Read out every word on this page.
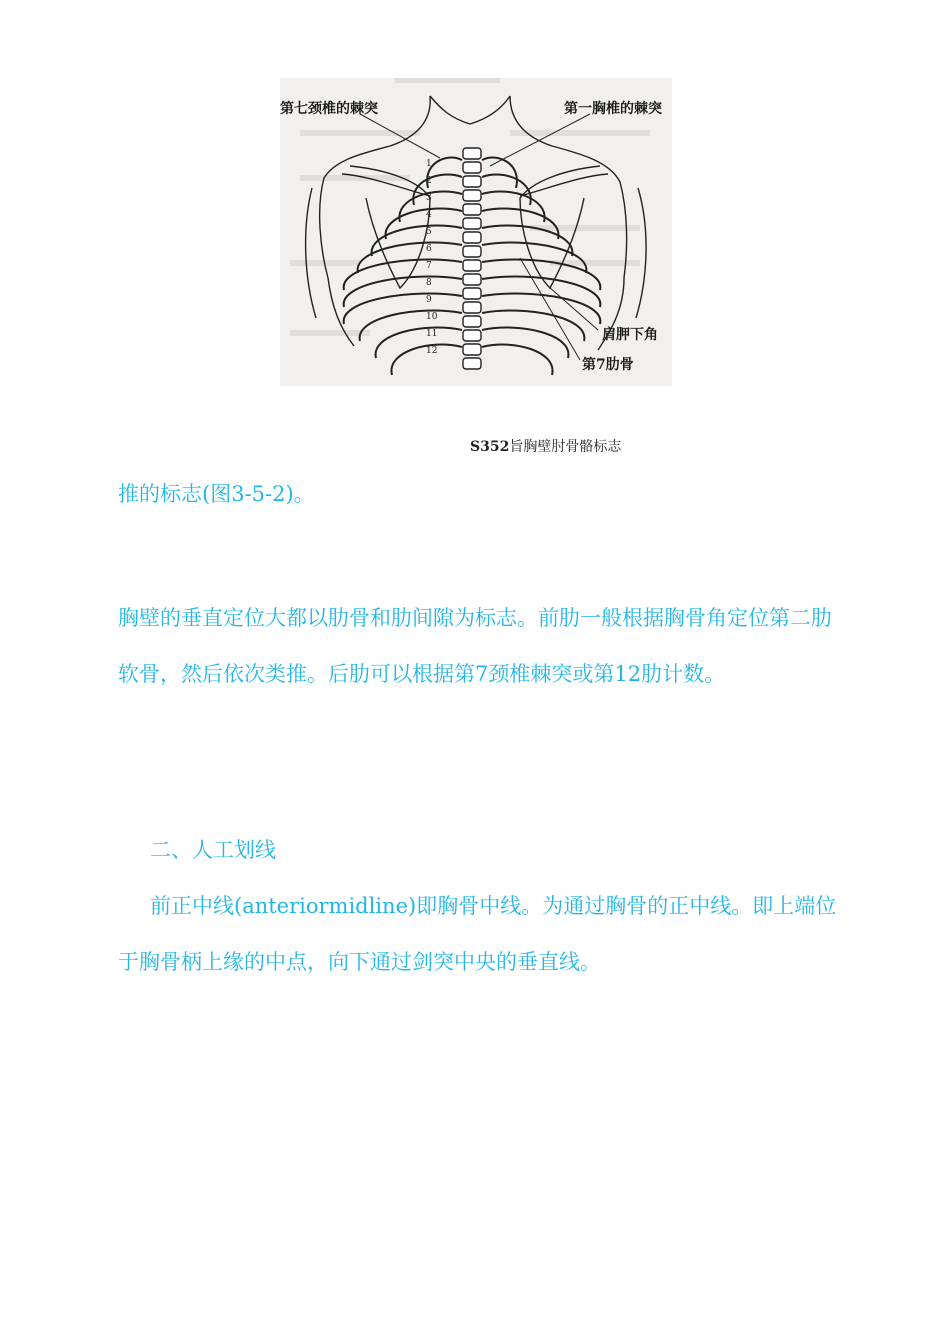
1
2
3
4
5
6
7
8
9
10
11
12
第七颈椎的棘突	第一胸椎的棘突
肩胛下角
第7肋骨
S352旨胸壁肘骨骼标志
推的标志(图3-5-2)。
胸壁的垂直定位大都以肋骨和肋间隙为标志。前肋一般根据胸骨角定位第二肋软骨，然后依次类推。后肋可以根据第7颈椎棘突或第12肋计数。
二、人工划线
前正中线(anteriormidline)即胸骨中线。为通过胸骨的正中线。即上端位于胸骨柄上缘的中点，向下通过剑突中央的垂直线。
